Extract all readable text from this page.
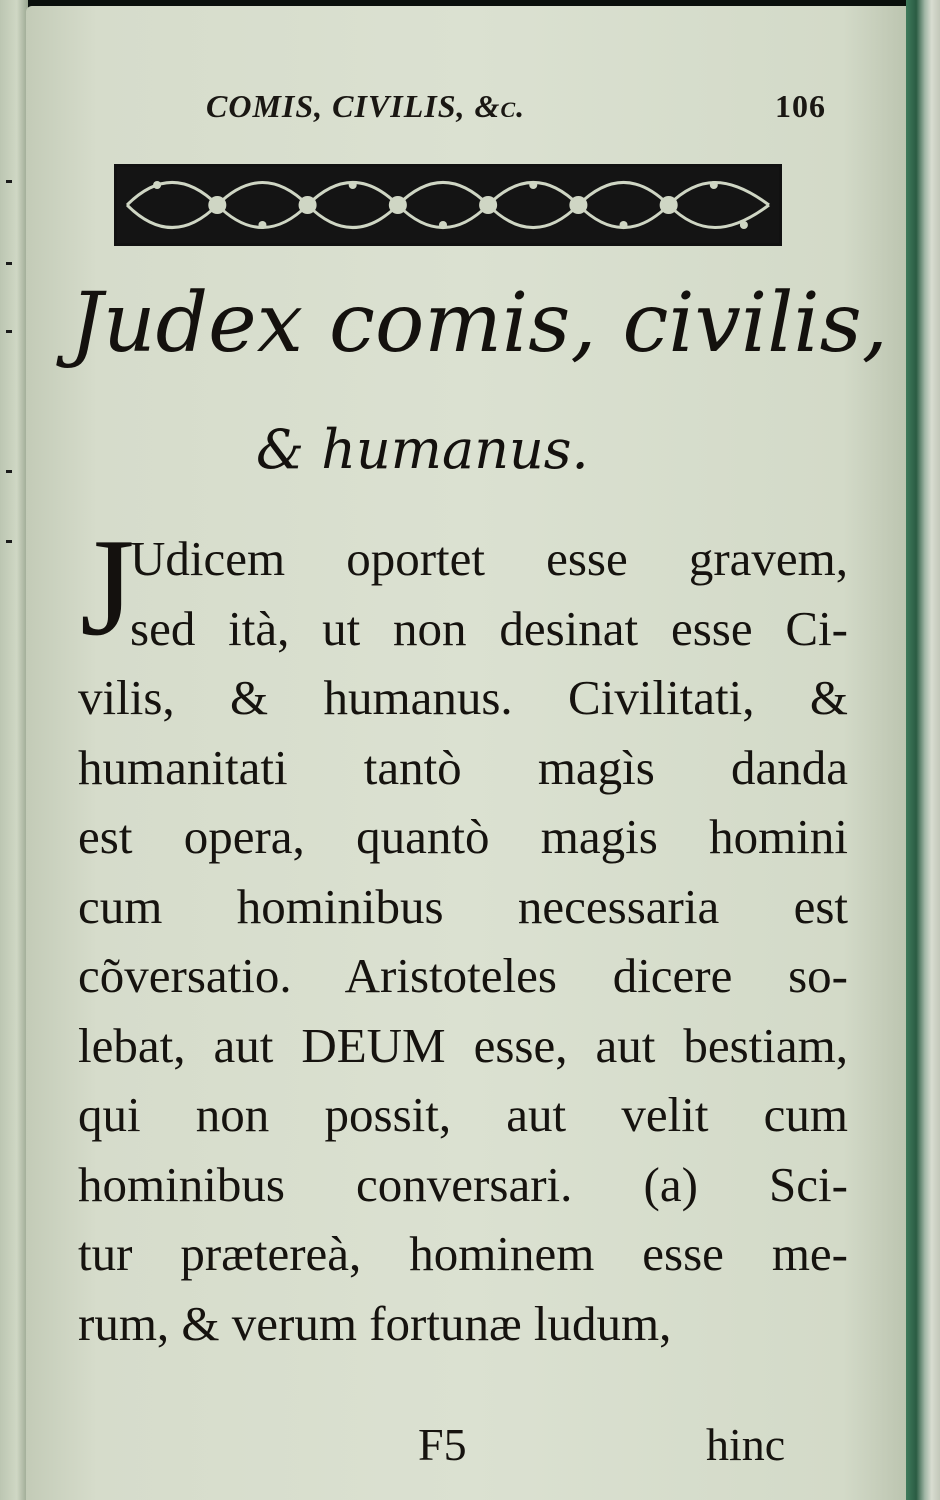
COMIS, CIVILIS, &c.	106
Judex comis, civilis,
& humanus.
J
Udicem oportet esse gravem,
sed ità, ut non desinat esse Ci-
vilis, & humanus. Civilitati, &
humanitati tantò magìs danda
est opera, quantò magis homini
cum hominibus necessaria est
cõversatio. Aristoteles dicere so-
lebat, aut DEUM esse, aut bestiam,
qui non possit, aut velit cum
hominibus conversari. (a) Sci-
tur prætereà, hominem esse me-
rum, & verum fortunæ ludum,
F5	hinc
